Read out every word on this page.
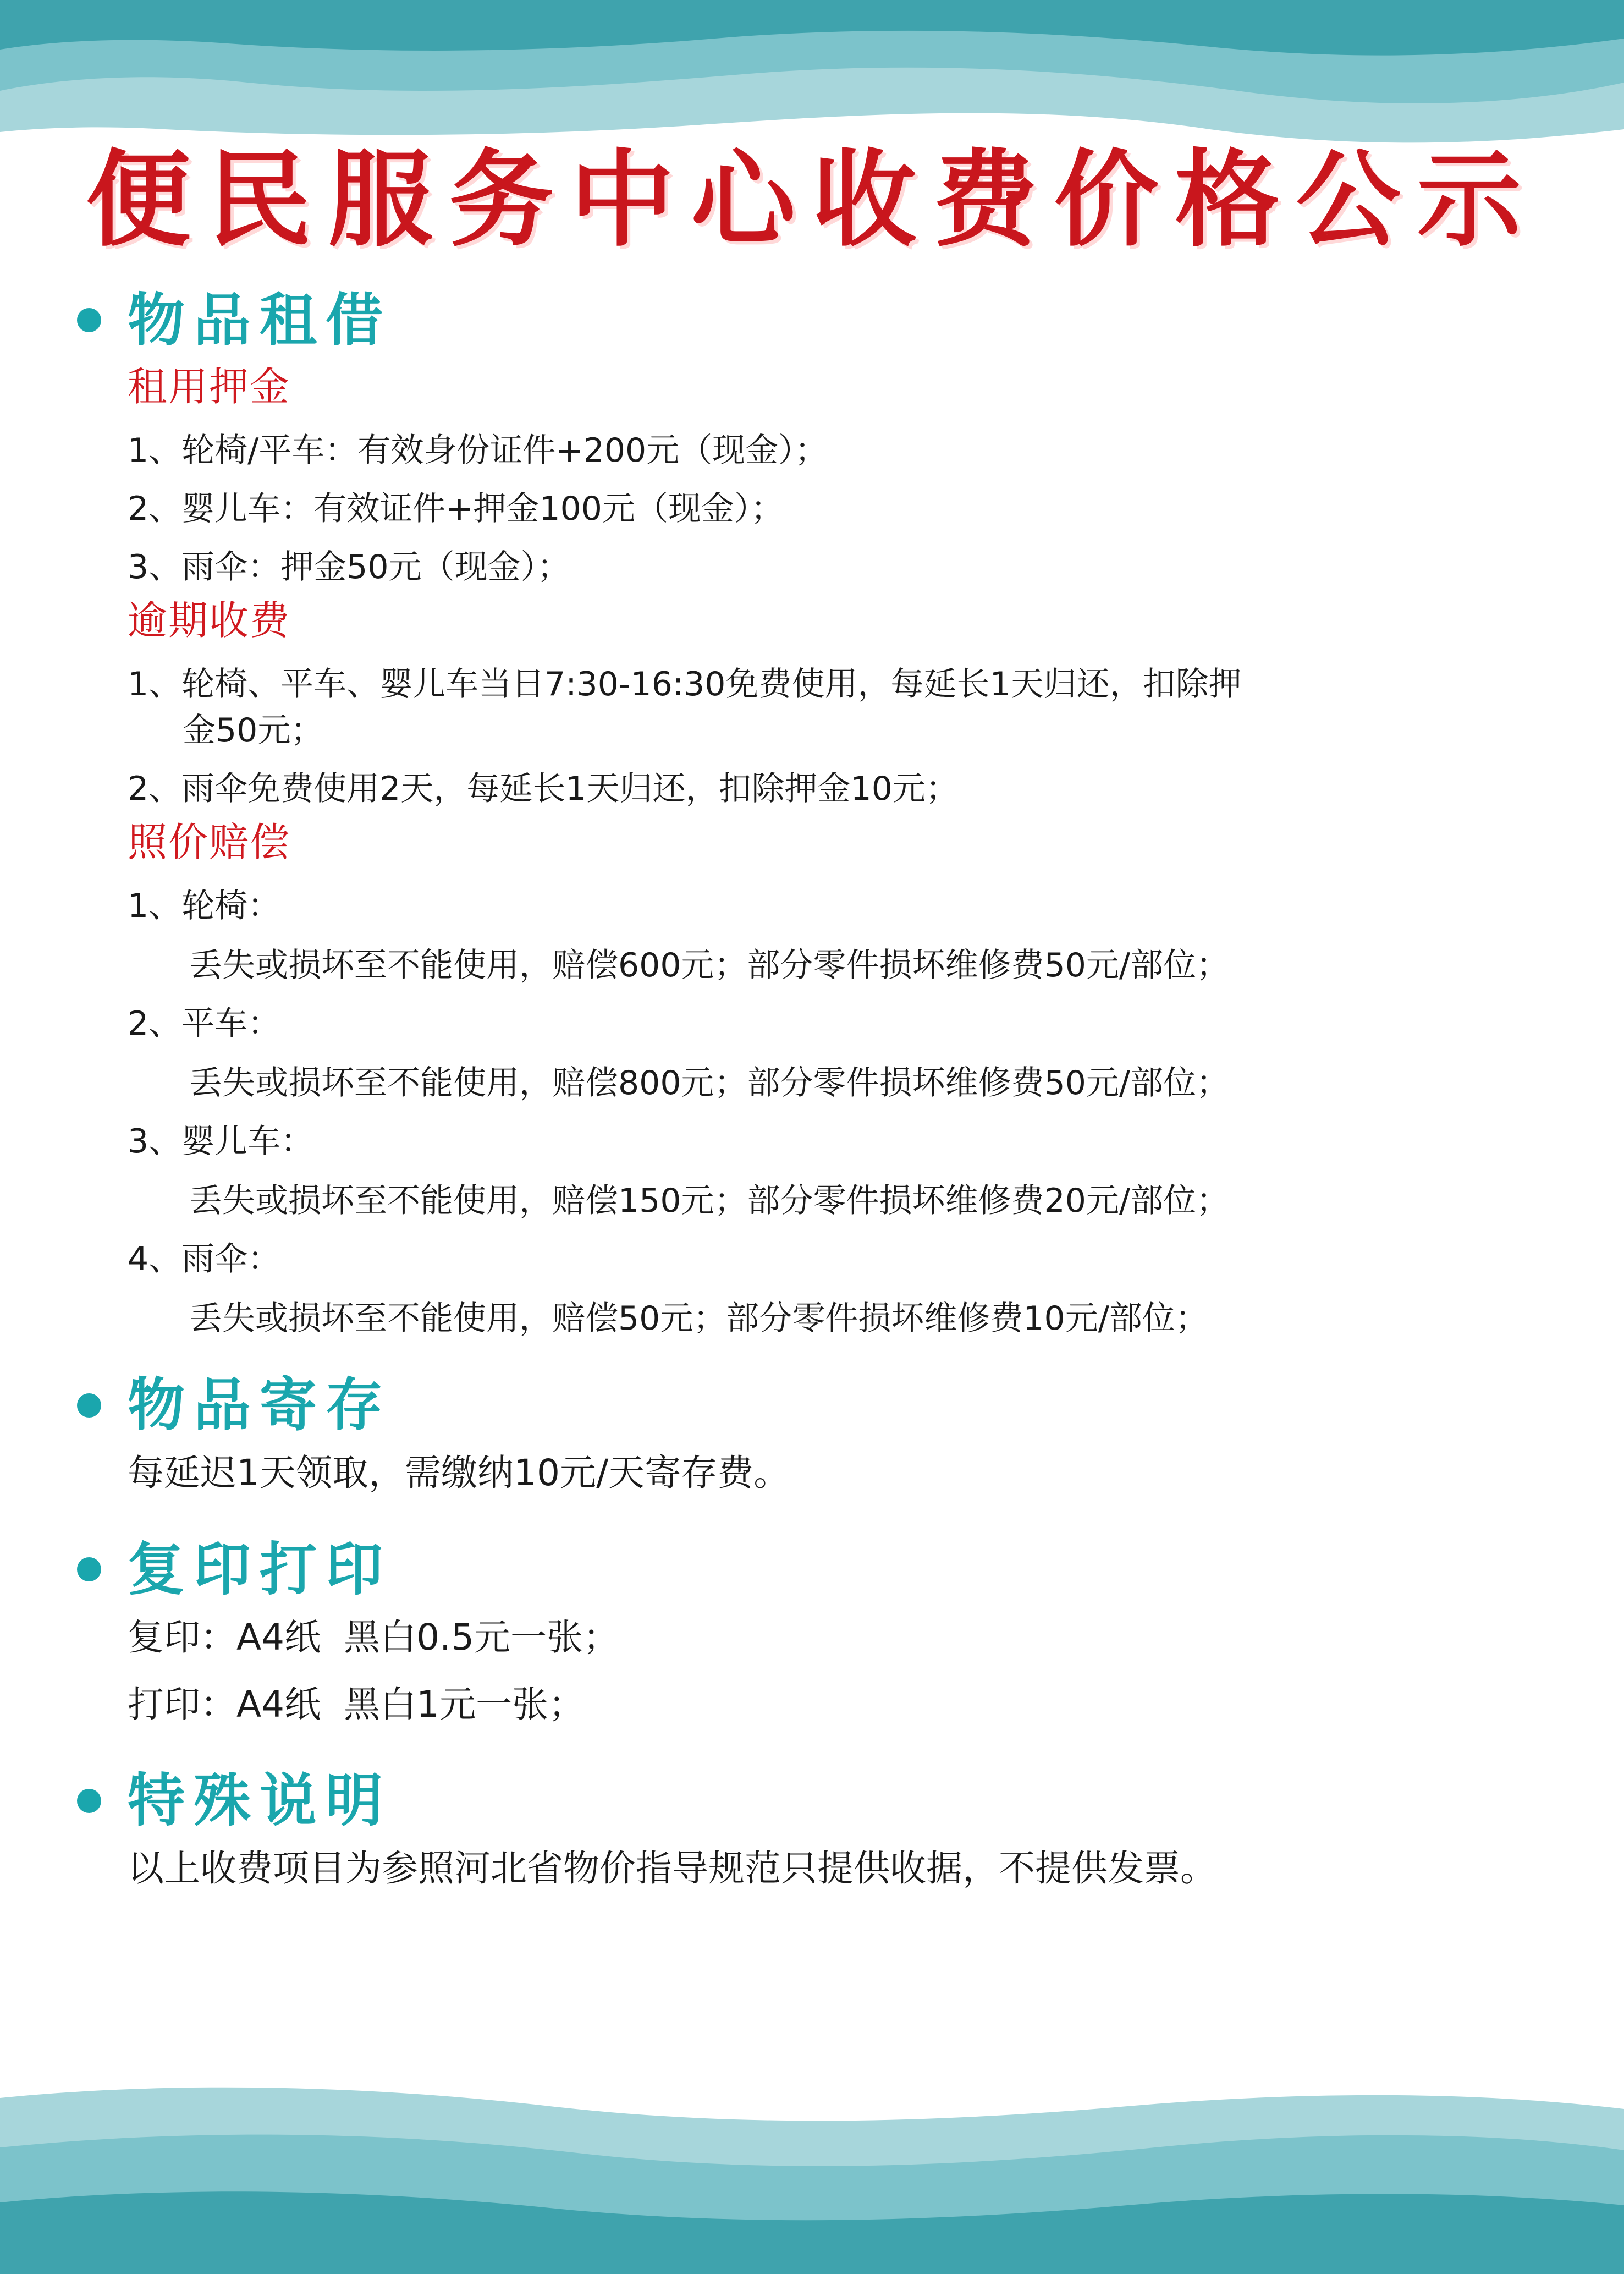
便民服务中心收费价格公示
物品租借
租用押金
1、轮椅/平车：有效身份证件+200元（现金）；
2、婴儿车：有效证件+押金100元（现金）；
3、雨伞：押金50元（现金）；
逾期收费
1、轮椅、平车、婴儿车当日7:30-16:30免费使用，每延长1天归还，扣除押
金50元；
2、雨伞免费使用2天，每延长1天归还，扣除押金10元；
照价赔偿
1、轮椅：
丢失或损坏至不能使用，赔偿600元；部分零件损坏维修费50元/部位；
2、平车：
丢失或损坏至不能使用，赔偿800元；部分零件损坏维修费50元/部位；
3、婴儿车：
丢失或损坏至不能使用，赔偿150元；部分零件损坏维修费20元/部位；
4、雨伞：
丢失或损坏至不能使用，赔偿50元；部分零件损坏维修费10元/部位；
物品寄存
每延迟1天领取，需缴纳10元/天寄存费。
复印打印
复印：A4纸  黑白0.5元一张；
打印：A4纸  黑白1元一张；
特殊说明
以上收费项目为参照河北省物价指导规范只提供收据，不提供发票。
